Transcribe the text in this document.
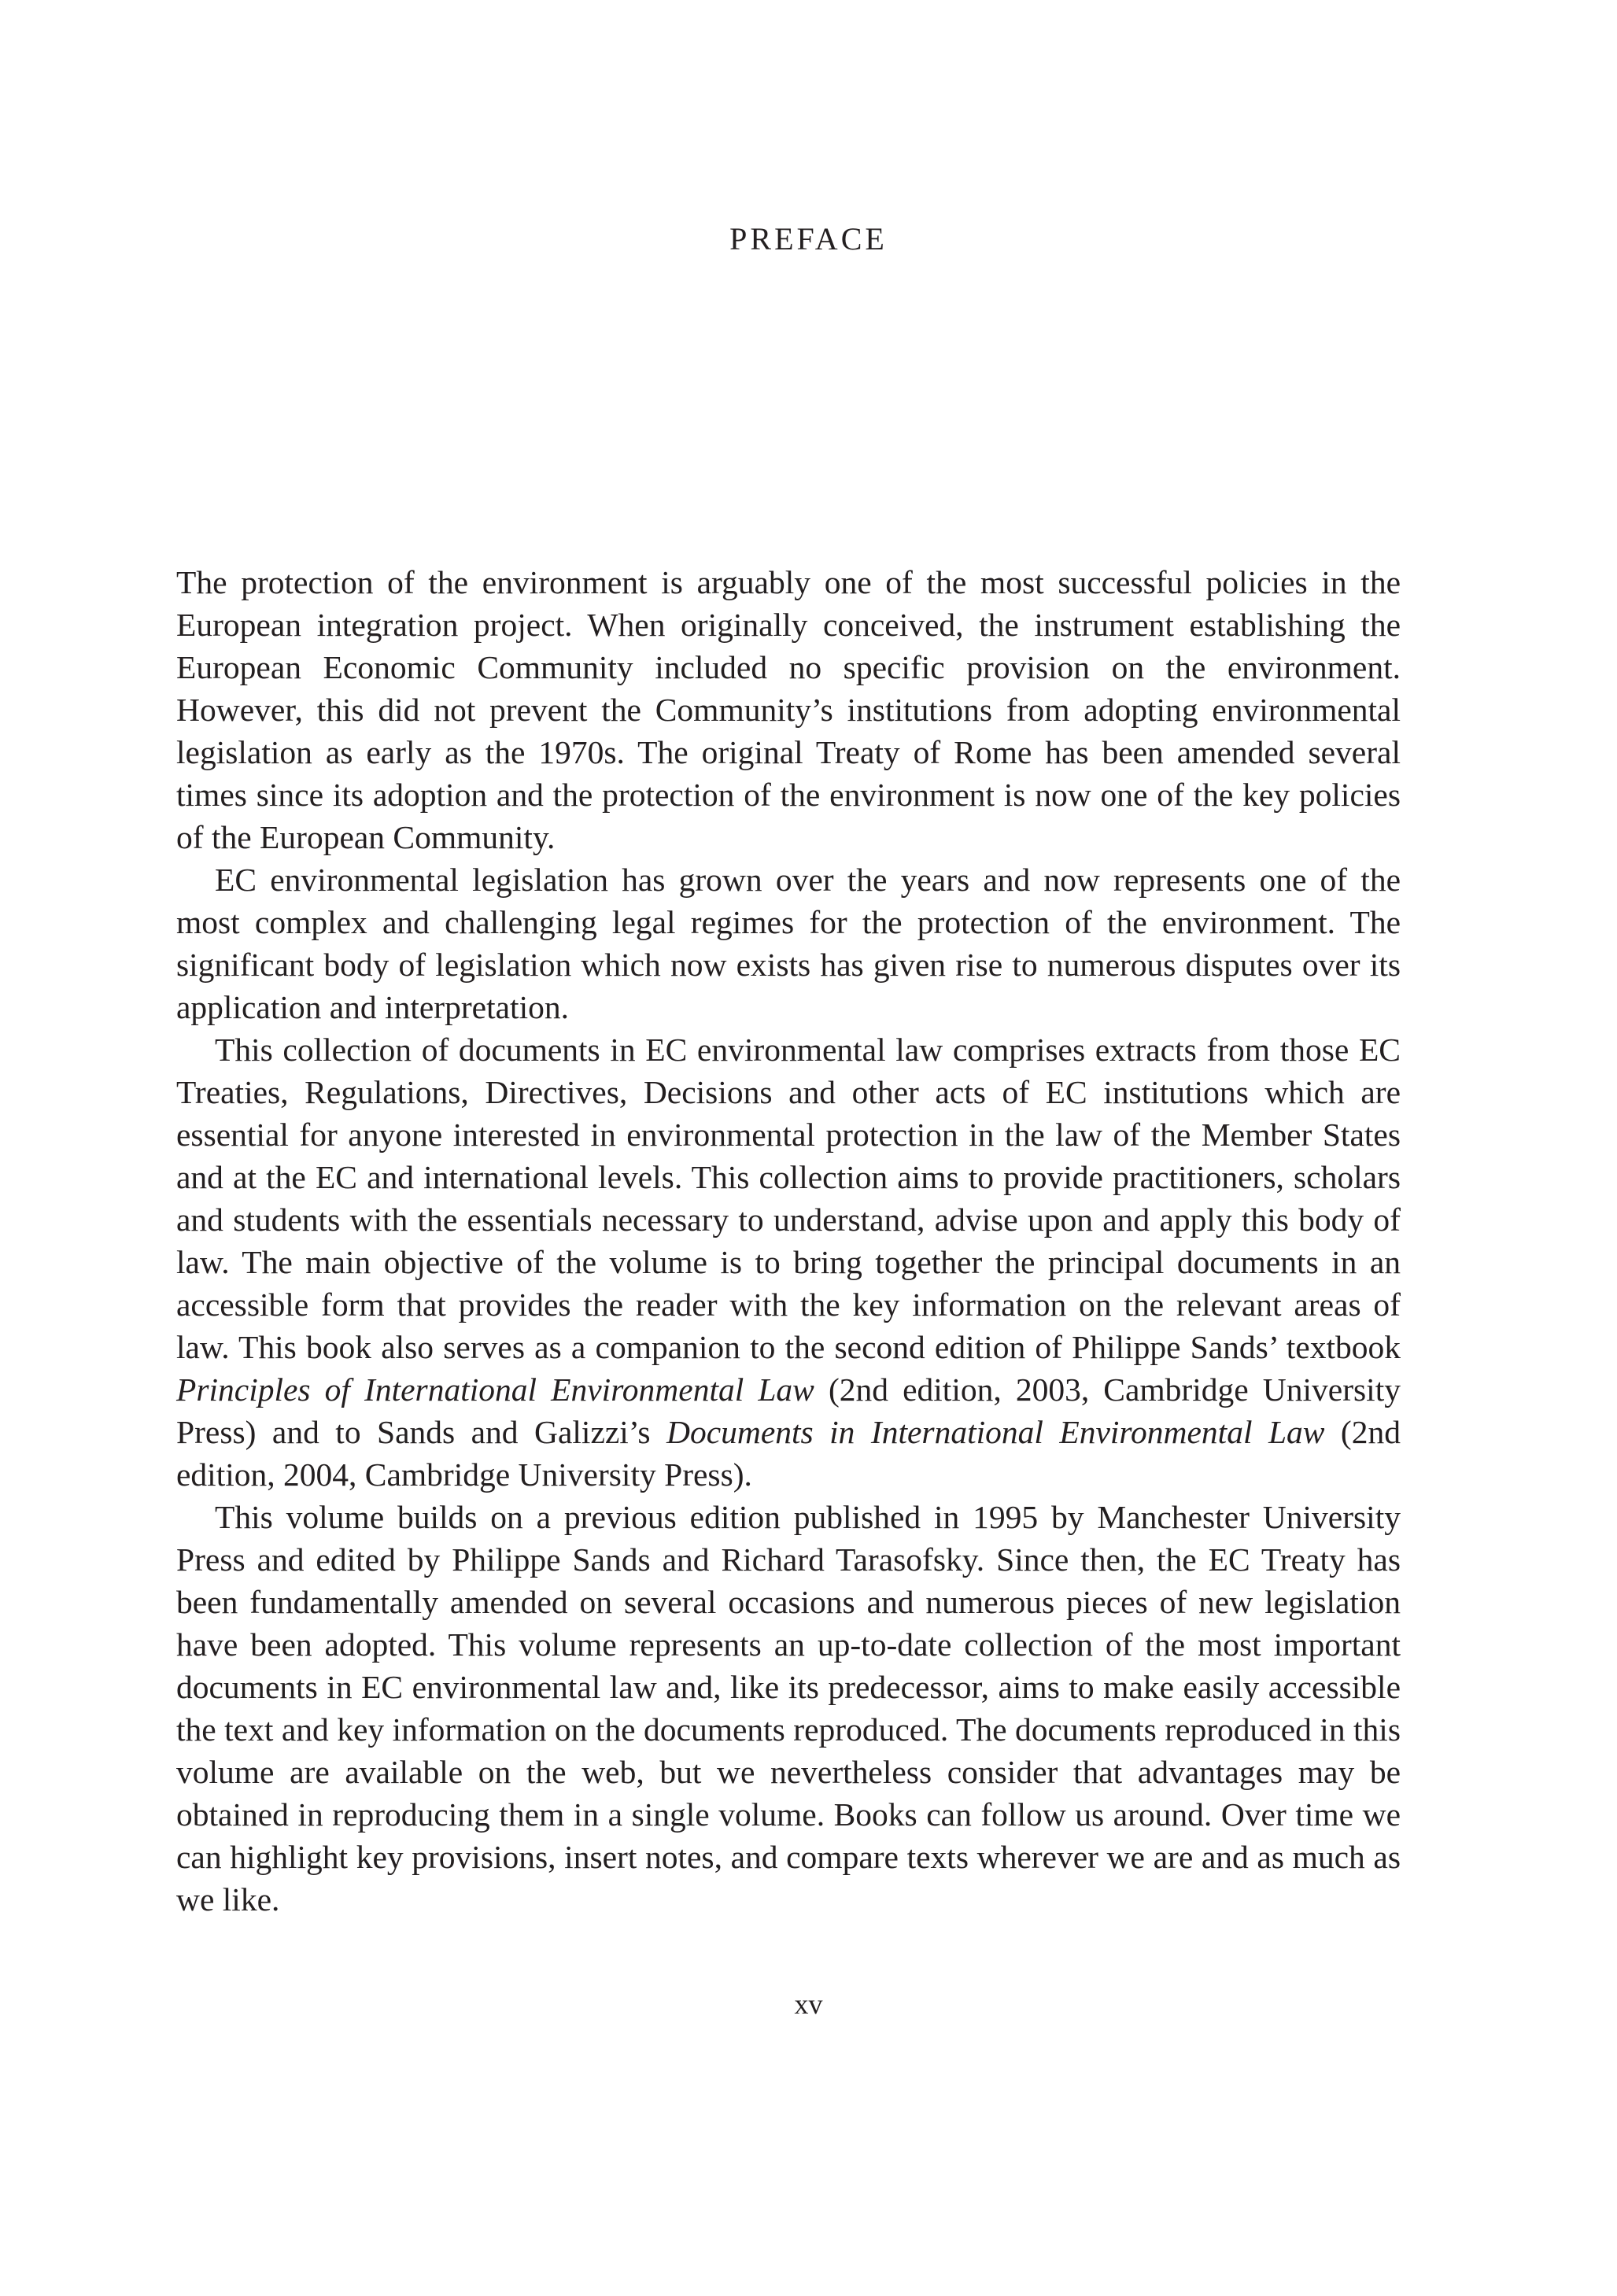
PREFACE

The protection of the environment is arguably one of the most successful policies in the European integration project. When originally conceived, the instrument establishing the European Economic Community included no specific provision on the environment. However, this did not prevent the Community’s institutions from adopting environmental legislation as early as the 1970s. The original Treaty of Rome has been amended several times since its adoption and the protection of the environment is now one of the key policies of the European Community.

EC environmental legislation has grown over the years and now represents one of the most complex and challenging legal regimes for the protection of the environment. The significant body of legislation which now exists has given rise to numerous disputes over its application and interpretation.

This collection of documents in EC environmental law comprises extracts from those EC Treaties, Regulations, Directives, Decisions and other acts of EC institutions which are essential for anyone interested in environmental protection in the law of the Member States and at the EC and international levels. This collection aims to provide practitioners, scholars and students with the essentials necessary to understand, advise upon and apply this body of law. The main objective of the volume is to bring together the principal documents in an accessible form that provides the reader with the key information on the relevant areas of law. This book also serves as a companion to the second edition of Philippe Sands’ textbook Principles of International Environmental Law (2nd edition, 2003, Cambridge University Press) and to Sands and Galizzi’s Documents in International Environmental Law (2nd edition, 2004, Cambridge University Press).

This volume builds on a previous edition published in 1995 by Manchester University Press and edited by Philippe Sands and Richard Tarasofsky. Since then, the EC Treaty has been fundamentally amended on several occasions and numerous pieces of new legislation have been adopted. This volume represents an up-to-date collection of the most important documents in EC environmental law and, like its predecessor, aims to make easily accessible the text and key information on the documents reproduced. The documents reproduced in this volume are available on the web, but we nevertheless consider that advantages may be obtained in reproducing them in a single volume. Books can follow us around. Over time we can highlight key provisions, insert notes, and compare texts wherever we are and as much as we like.

xv
